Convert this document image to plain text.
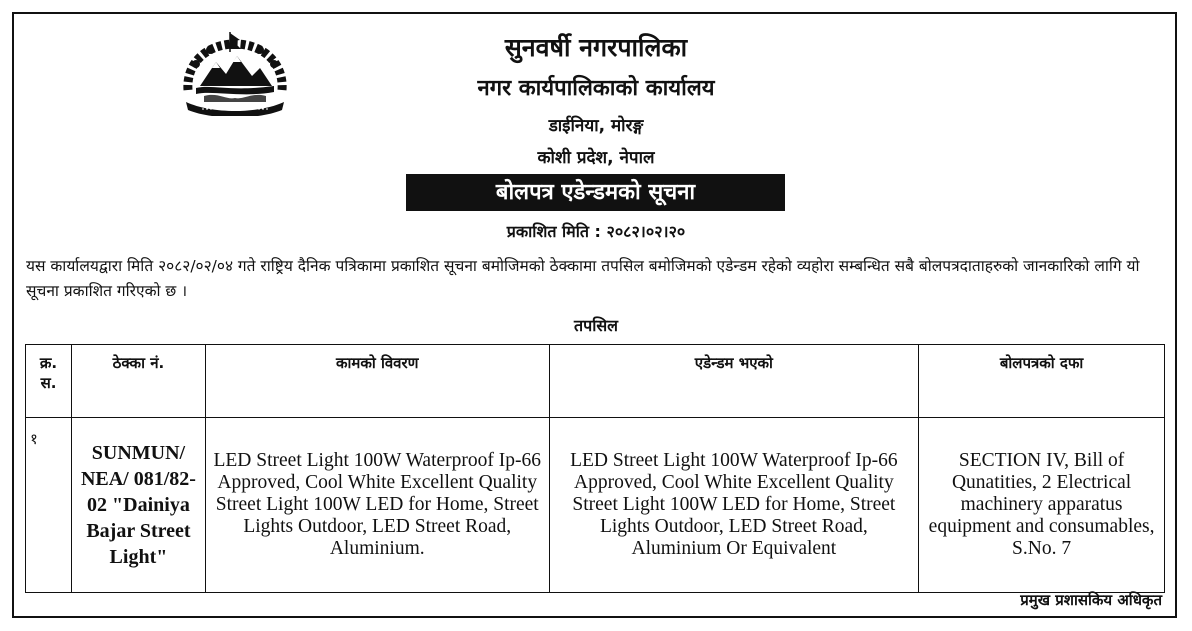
सुनवर्षी नगरपालिका
नगर कार्यपालिकाको कार्यालय
डाईनिया, मोरङ्ग
कोशी प्रदेश, नेपाल
बोलपत्र एडेन्डमको सूचना
प्रकाशित मिति : २०८२।०२।२०

यस कार्यालयद्वारा मिति २०८२/०२/०४ गते राष्ट्रिय दैनिक पत्रिकामा प्रकाशित सूचना बमोजिमको ठेक्कामा तपसिल बमोजिमको एडेन्डम रहेको व्यहोरा सम्बन्धित सबै बोलपत्रदाताहरुको जानकारिको लागि यो सूचना प्रकाशित गरिएको छ ।

तपसिल
क्र. स.	ठेक्का नं.	कामको विवरण	एडेन्डम भएको	बोलपत्रको दफा
१	SUNMUN/ NEA/ 081/82-02 "Dainiya Bajar Street Light"	LED Street Light 100W Waterproof Ip-66 Approved, Cool White Excellent Quality Street Light 100W LED for Home, Street Lights Outdoor, LED Street Road, Aluminium.	LED Street Light 100W Waterproof Ip-66 Approved, Cool White Excellent Quality Street Light 100W LED for Home, Street Lights Outdoor, LED Street Road, Aluminium Or Equivalent	SECTION IV, Bill of Qunatities, 2 Electrical machinery apparatus equipment and consumables, S.No. 7
प्रमुख प्रशासकिय अधिकृत
